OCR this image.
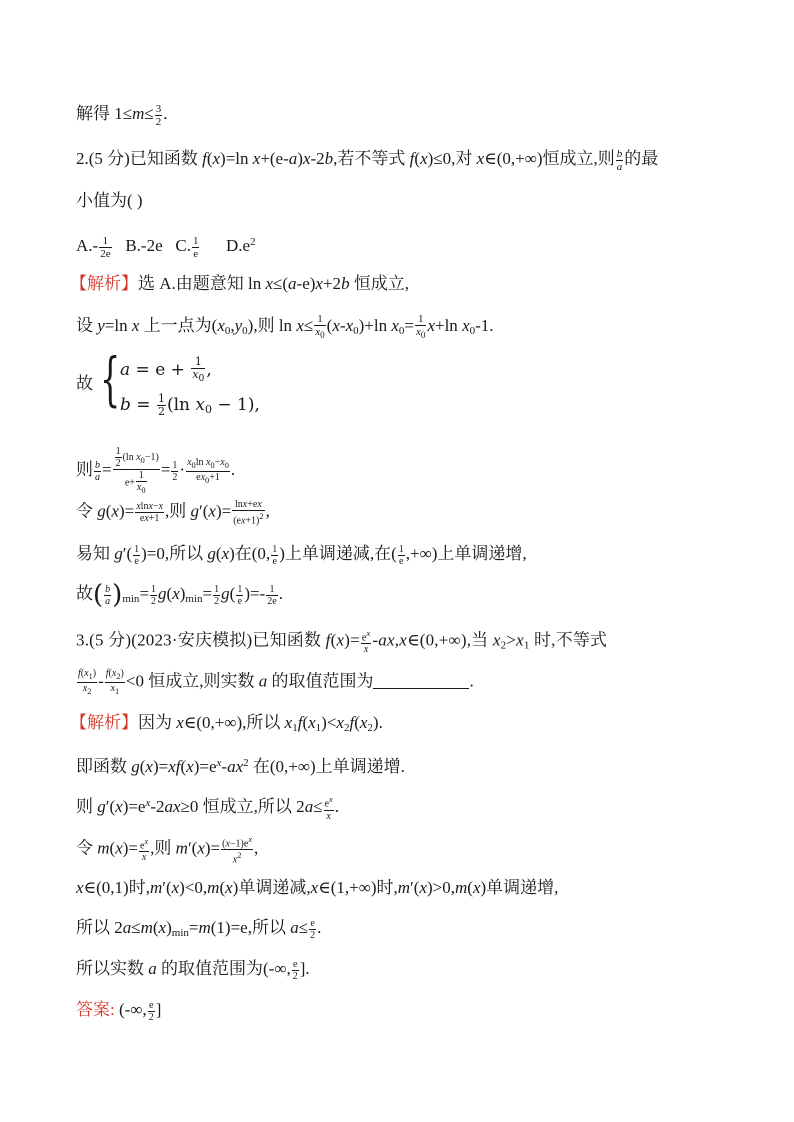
解得 $1\le m\le \frac{3}{2}$ .
2.(5 分)已知函数 f(x)=ln x+(e-a)x-2b,若不等式 f(x)≤0,对 x∈(0,+∞)恒成立,则 $\frac{b}{a}$ 的最
小值为( )
$A.- \frac{1}{2e} B.-2e$   C. $\frac{1}{e} D.e^2$
【解析】选 A.由题意知 ln x≤(a-e)x+2b 恒成立,
设 y=ln x 上一点为$(x_0,y_0)$,则 $\ln x\le \frac{1}{x_0} (x-x_0)+\ln$ $x_0= \frac{1}{x_0} x+\ln$ $x_0-1$.
故 { $a = e + \frac{1}{x_0}$ ,
$b = \frac{1}{2} (\ln$ $x_0 - 1$),
则 $\frac{b}{a} = \frac{\frac{1}{2} (\ln x_0-1)}{e+ \frac{1}{x_0}} = \frac{1}{2} \cdot \frac{x_0\ln x_0-x_0}{ex_0+1}$ .
令 $g(x)= \frac{xlnx-x}{ex+1}$ ,则 $g'(x)= \frac{\ln x+ex}{(ex+1)^2}$ ,
易知 $g'( \frac{1}{e} )=0$,所以 g(x)在(0, $\frac{1}{e}$ )上单调递减,在( $\frac{1}{e}$ ,+∞)上单调递增,
故( $\frac{b}{a} )_{min}= \frac{1}{2} g(x)_{min}= \frac{1}{2} g( \frac{1}{e}$ )=- $\frac{1}{2e}$ .
3.(5 分)(2023·安庆模拟)已知函数 $f(x)= \frac{e^x}{x}$ -ax,x∈(0,+∞),当 $x_2>x_1$ 时,不等式
$\frac{f(x_1)}{x_2} - \frac{f(x_2)}{x_1} <0$ 恒成立,则实数 a 的取值范围为	.
【解析】因为 x∈(0,+∞),所以 $x_1f(x_1)<x_2f(x_2)$.
即函数 $g(x)=xf(x)=e^x-ax^2$ 在(0,+∞)上单调递增.
则 $g'(x)=e^x-2ax\ge 0$ 恒成立,所以 $2a\le \frac{e^x}{x}$ .
令 $m(x)= \frac{e^x}{x}$ ,则 $m'(x)= \frac{(x-1)e^x}{x^2}$ ,
x∈(0,1)时,m′(x)<0,m(x)单调递减,x∈(1,+∞)时,m′(x)>0,m(x)单调递增,
所以 $2a\le m(x)_{min}=m(1)=e$,所以 $a\le \frac{e}{2}$ .
所以实数 a 的取值范围为(-∞, $\frac{e}{2}$ ].
答案: (-∞, $\frac{e}{2}$ ]
